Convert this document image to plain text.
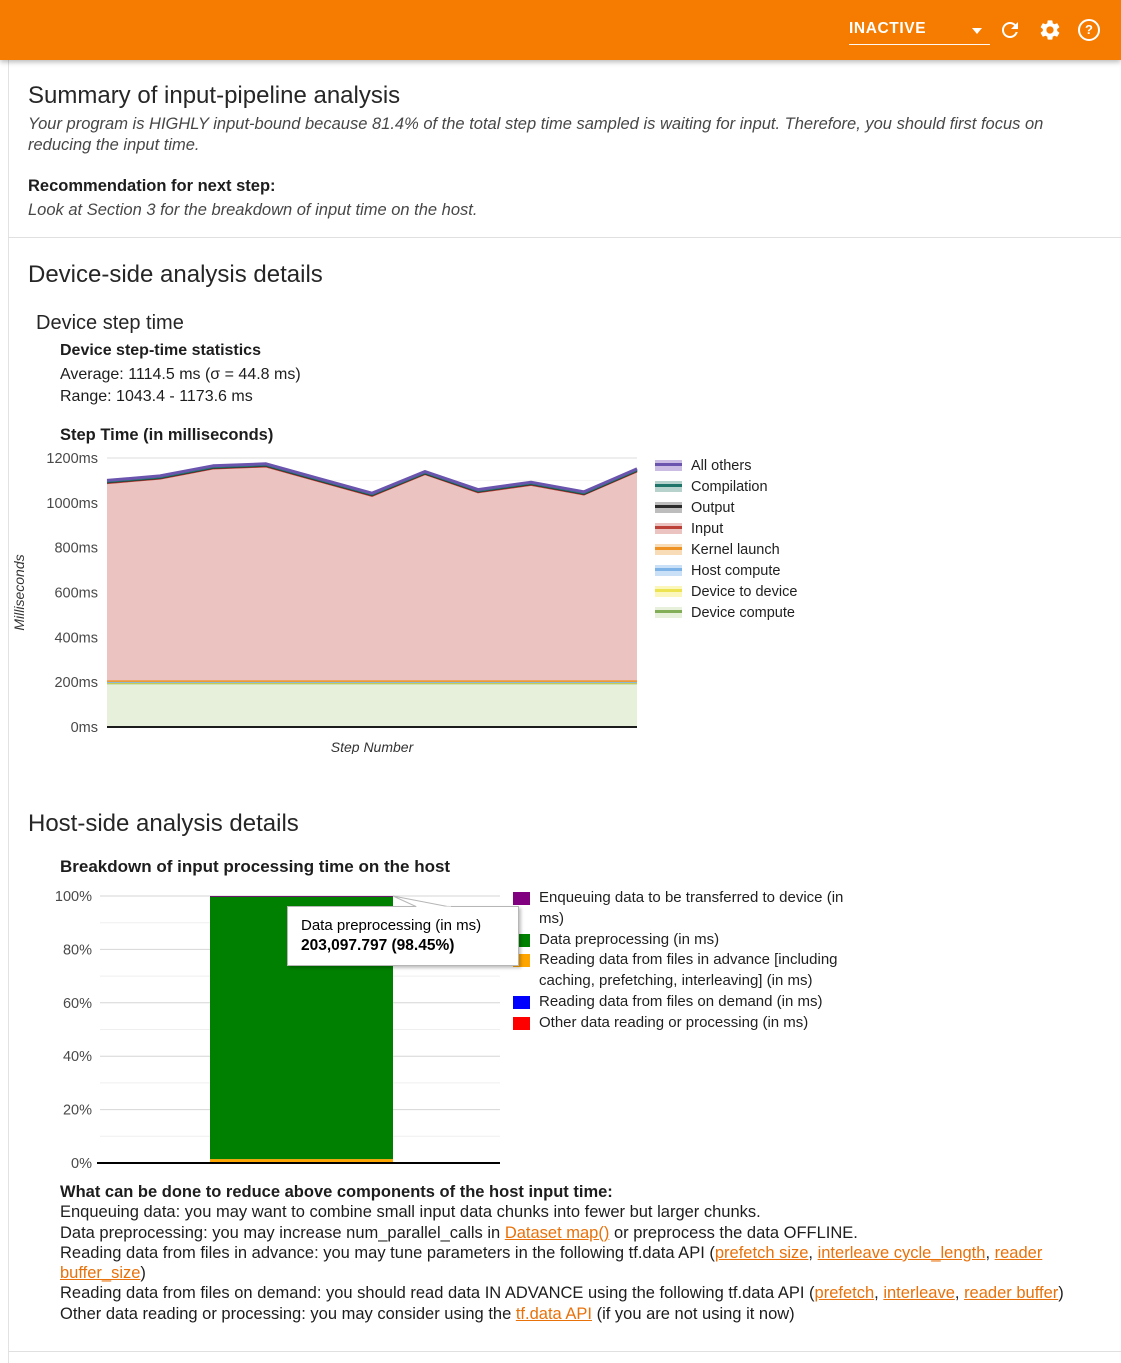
INACTIVE	?
Summary of input-pipeline analysis
Your program is HIGHLY input-bound because 81.4% of the total step time sampled is waiting for input. Therefore, you should first focus on reducing the input time.
Recommendation for next step:
Look at Section 3 for the breakdown of input time on the host.
Device-side analysis details
Device step time
Device step-time statistics
Average: 1114.5 ms (σ = 44.8 ms)
Range: 1043.4 - 1173.6 ms
Step Time (in milliseconds)
0ms
200ms
400ms
600ms
800ms
1000ms
1200ms
Milliseconds
Step Number
All others
Compilation
Output
Input
Kernel launch
Host compute
Device to device
Device compute
Host-side analysis details
Breakdown of input processing time on the host
0%
20%
40%
60%
80%
100%	Enqueuing data to be transferred to device (in ms)
Data preprocessing (in ms)
Reading data from files in advance [including caching, prefetching, interleaving] (in ms)
Reading data from files on demand (in ms)
Other data reading or processing (in ms)
Data preprocessing (in ms)
203,097.797 (98.45%)
What can be done to reduce above components of the host input time:
Enqueuing data: you may want to combine small input data chunks into fewer but larger chunks.
Data preprocessing: you may increase num_parallel_calls in Dataset map() or preprocess the data OFFLINE.
Reading data from files in advance: you may tune parameters in the following tf.data API (prefetch size, interleave cycle_length, reader buffer_size)
Reading data from files on demand: you should read data IN ADVANCE using the following tf.data API (prefetch, interleave, reader buffer)
Other data reading or processing: you may consider using the tf.data API (if you are not using it now)
